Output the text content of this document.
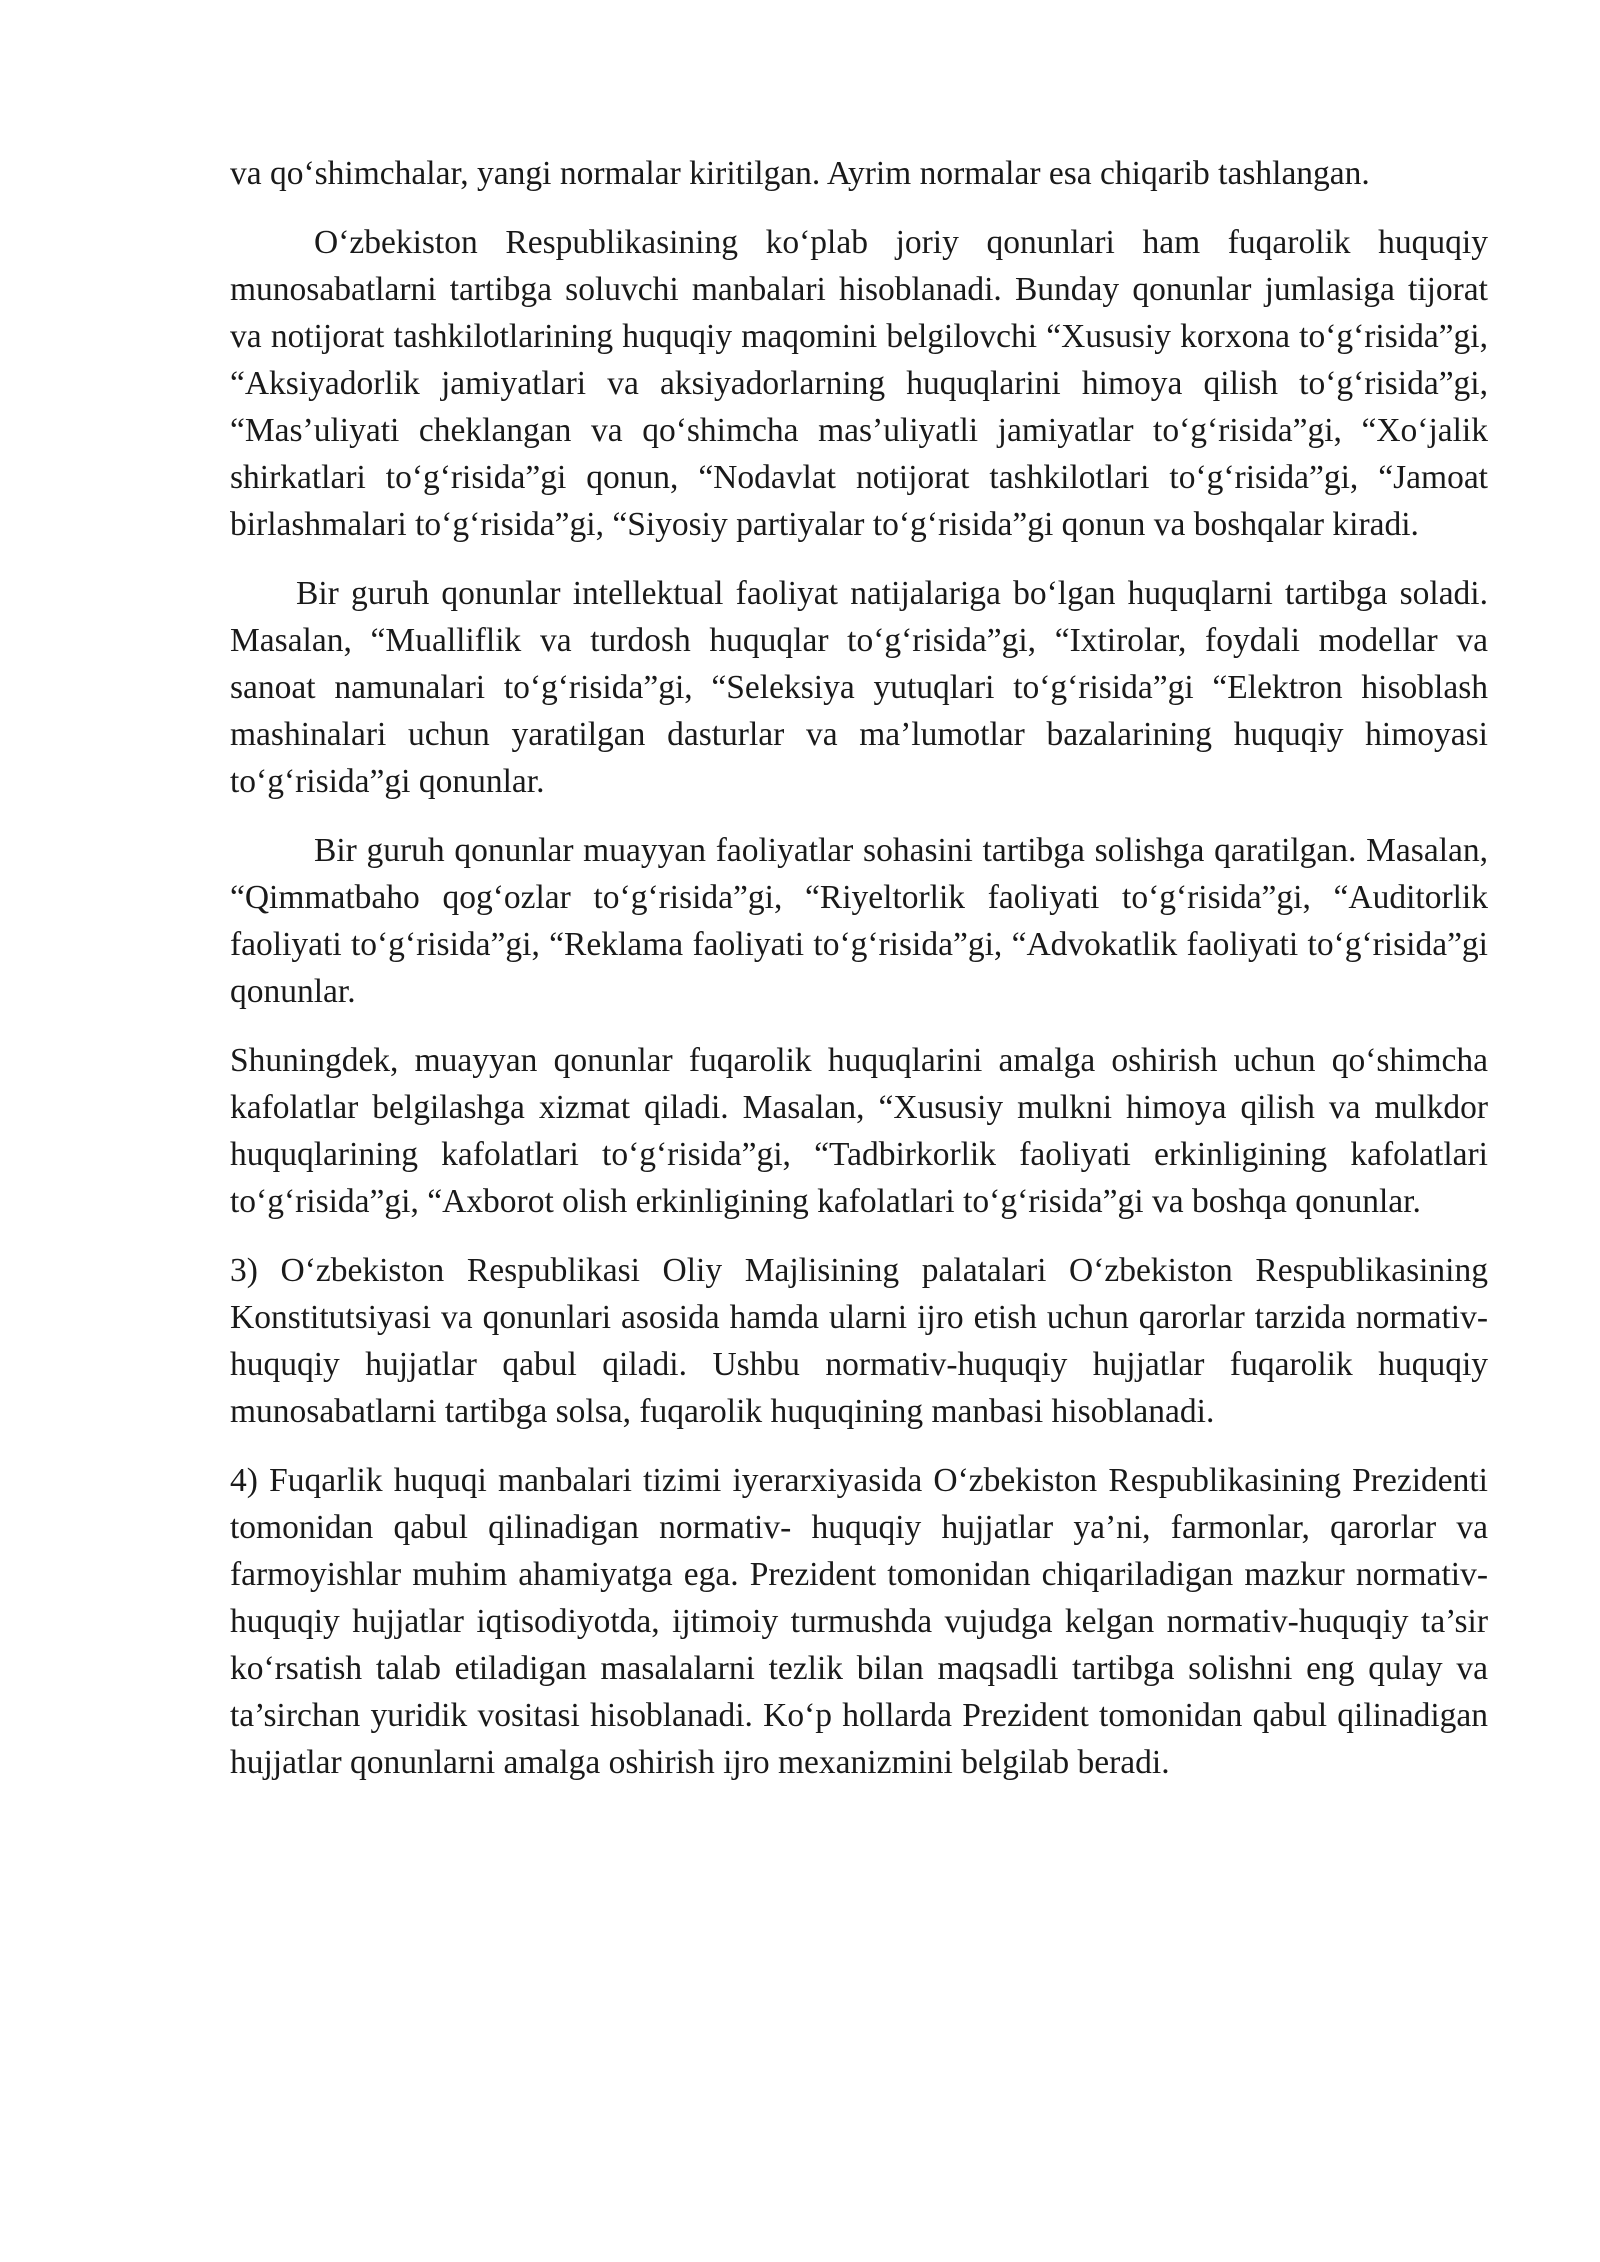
va qo‘shimchalar, yangi normalar kiritilgan. Ayrim normalar esa chiqarib tashlangan.

O‘zbekiston Respublikasining ko‘plab joriy qonunlari ham fuqarolik huquqiy munosabatlarni tartibga soluvchi manbalari hisoblanadi. Bunday qonunlar jumlasiga tijorat va notijorat tashkilotlarining huquqiy maqomini belgilovchi “Xususiy korxona to‘g‘risida”gi, “Aksiyadorlik jamiyatlari va aksiyadorlarning huquqlarini himoya qilish to‘g‘risida”gi, “Mas’uliyati cheklangan va qo‘shimcha mas’uliyatli jamiyatlar to‘g‘risida”gi, “Xo‘jalik shirkatlari to‘g‘risida”gi qonun, “Nodavlat notijorat tashkilotlari to‘g‘risida”gi, “Jamoat birlashmalari to‘g‘risida”gi, “Siyosiy partiyalar to‘g‘risida”gi qonun va boshqalar kiradi.

Bir guruh qonunlar intellektual faoliyat natijalariga bo‘lgan huquqlarni tartibga soladi. Masalan, “Mualliflik va turdosh huquqlar to‘g‘risida”gi, “Ixtirolar, foydali modellar va sanoat namunalari to‘g‘risida”gi, “Seleksiya yutuqlari to‘g‘risida”gi “Elektron hisoblash mashinalari uchun yaratilgan dasturlar va ma’lumotlar bazalarining huquqiy himoyasi to‘g‘risida”gi qonunlar.

Bir guruh qonunlar muayyan faoliyatlar sohasini tartibga solishga qaratilgan. Masalan, “Qimmatbaho qog‘ozlar to‘g‘risida”gi, “Riyeltorlik faoliyati to‘g‘risida”gi, “Auditorlik faoliyati to‘g‘risida”gi, “Reklama faoliyati to‘g‘risida”gi, “Advokatlik faoliyati to‘g‘risida”gi qonunlar.

Shuningdek, muayyan qonunlar fuqarolik huquqlarini amalga oshirish uchun qo‘shimcha kafolatlar belgilashga xizmat qiladi. Masalan, “Xususiy mulkni himoya qilish va mulkdor huquqlarining kafolatlari to‘g‘risida”gi, “Tadbirkorlik faoliyati erkinligining kafolatlari to‘g‘risida”gi, “Axborot olish erkinligining kafolatlari to‘g‘risida”gi va boshqa qonunlar.

3) O‘zbekiston Respublikasi Oliy Majlisining palatalari O‘zbekiston Respublikasining Konstitutsiyasi va qonunlari asosida hamda ularni ijro etish uchun qarorlar tarzida normativ-huquqiy hujjatlar qabul qiladi. Ushbu normativ-huquqiy hujjatlar fuqarolik huquqiy munosabatlarni tartibga solsa, fuqarolik huquqining manbasi hisoblanadi.

4) Fuqarlik huquqi manbalari tizimi iyerarxiyasida O‘zbekiston Respublikasining Prezidenti tomonidan qabul qilinadigan normativ- huquqiy hujjatlar ya’ni, farmonlar, qarorlar va farmoyishlar muhim ahamiyatga ega. Prezident tomonidan chiqariladigan mazkur normativ- huquqiy hujjatlar iqtisodiyotda, ijtimoiy turmushda vujudga kelgan normativ-huquqiy ta’sir ko‘rsatish talab etiladigan masalalarni tezlik bilan maqsadli tartibga solishni eng qulay va ta’sirchan yuridik vositasi hisoblanadi. Ko‘p hollarda Prezident tomonidan qabul qilinadigan hujjatlar qonunlarni amalga oshirish ijro mexanizmini belgilab beradi.
